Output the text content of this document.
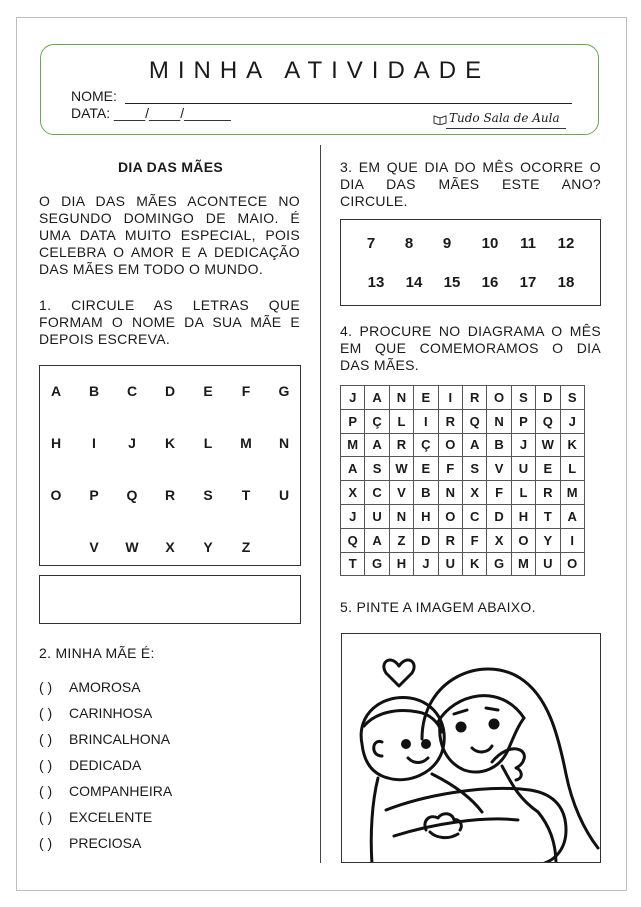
MINHA ATIVIDADE
NOME:
DATA: ____/____/______	Tudo Sala de Aula
DIA DAS MÃES
O DIA DAS MÃES ACONTECE NO
SEGUNDO DOMINGO DE MAIO. É
UMA DATA MUITO ESPECIAL, POIS
CELEBRA O AMOR E A DEDICAÇÃO
DAS MÃES EM TODO O MUNDO.
1. CIRCULE AS LETRAS QUE
FORMAM O NOME DA SUA MÃE E
DEPOIS ESCREVA.
A	B	C	D	E	F	G
H	I	J	K	L	M	N
O	P	Q	R	S	T	U
V	W	X	Y	Z
2. MINHA MÃE É:
( ) AMOROSA
( ) CARINHOSA
( ) BRINCALHONA
( ) DEDICADA
( ) COMPANHEIRA
( ) EXCELENTE
( ) PRECIOSA
3. EM QUE DIA DO MÊS OCORRE O
DIA DAS MÃES ESTE ANO?
CIRCULE.
7	8	9	10 11 12
13 14 15 16 17 18
4. PROCURE NO DIAGRAMA O MÊS
EM QUE COMEMORAMOS O DIA
DAS MÃES.
J	A	N	E	I	R	O	S	D	S
P	Ç	L	I	R	Q	N	P	Q	J
M	A	R	Ç	O	A	B	J	W	K
A	S	W	E	F	S	V	U	E	L
X	C	V	B	N	X	F	L	R	M
J	U	N	H	O	C	D	H	T	A
Q	A	Z	D	R	F	X	O	Y	I
T	G	H	J	U	K	G	M	U	O
5. PINTE A IMAGEM ABAIXO.
